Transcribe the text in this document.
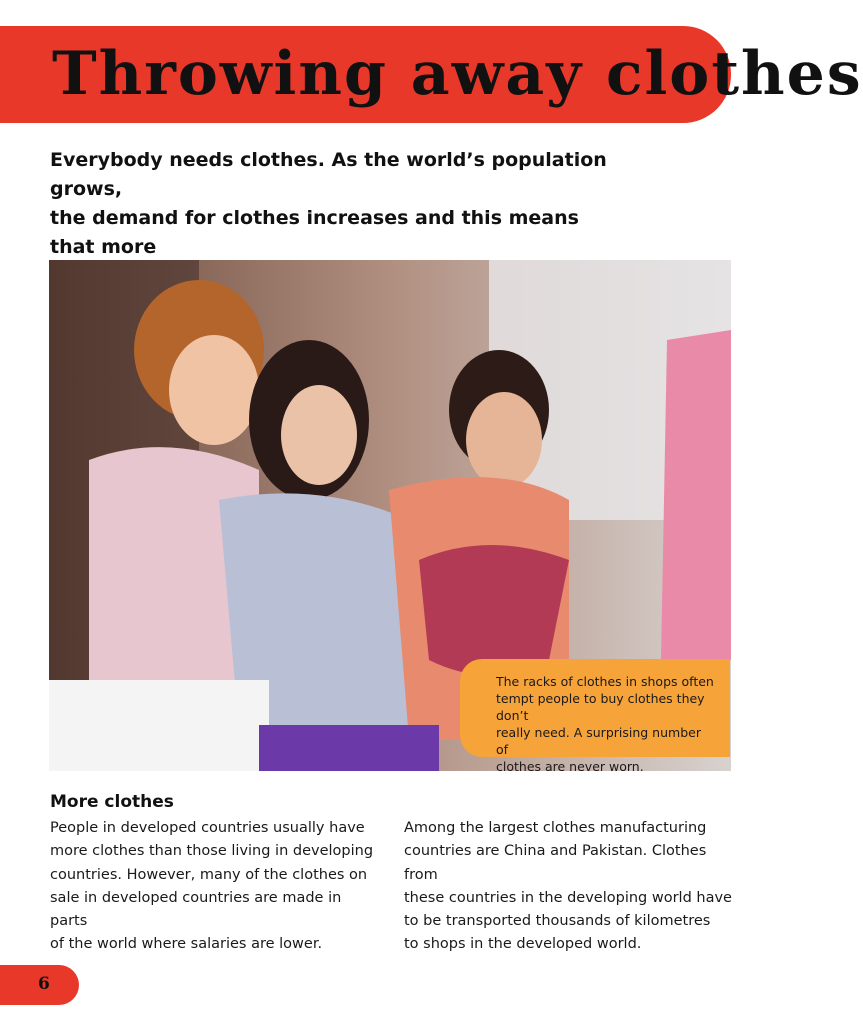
Throwing away clothes
Everybody needs clothes. As the world’s population grows,
the demand for clothes increases and this means that more
The racks of clothes in shops often
tempt people to buy clothes they don’t
really need. A surprising number of
clothes are never worn.
More clothes
People in developed countries usually have
more clothes than those living in developing
countries. However, many of the clothes on
sale in developed countries are made in parts
of the world where salaries are lower.
Among the largest clothes manufacturing
countries are China and Pakistan. Clothes from
these countries in the developing world have
to be transported thousands of kilometres
to shops in the developed world.
6
